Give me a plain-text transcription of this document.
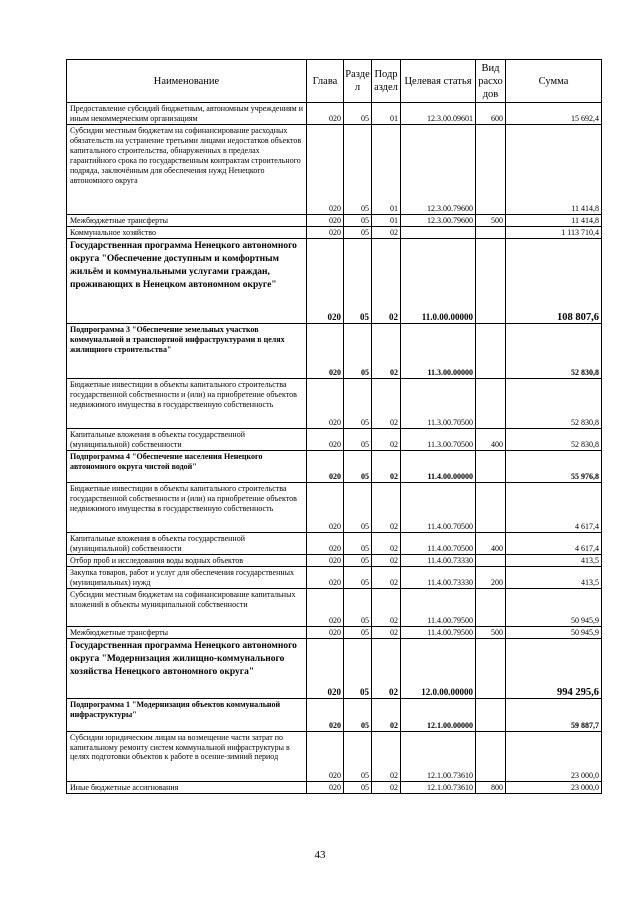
Наименование	Глава	Разде л	Подр аздел	Целевая статья	Вид расхо дов	Сумма
Предоставление субсидий бюджетным, автономным учреждениям и иным некоммерческим организациям	020	05	01	12.3.00.09601	600	15 692,4
Субсидии местным бюджетам на софинансирование расходных обязательств на устранение третьими лицами недостатков объектов капитального строительства, обнаруженных в пределах гарантийного срока по государственным контрактам строительного подряда, заключённым для обеспечения нужд Ненецкого автономного округа	020	05	01	12.3.00.79600		11 414,8
Межбюджетные трансферты	020	05	01	12.3.00.79600	500	11 414,8
Коммунальное хозяйство	020	05	02			1 113 710,4
Государственная программа Ненецкого автономного округа "Обеспечение доступным и комфортным жильём и коммунальными услугами граждан, проживающих в Ненецком автономном округе"	020	05	02	11.0.00.00000		108 807,6
Подпрограмма 3 "Обеспечение земельных участков коммунальной и транспортной инфраструктурами в целях жилищного строительства"	020	05	02	11.3.00.00000		52 830,8
Бюджетные инвестиции в объекты капитального строительства государственной собственности и (или) на приобретение объектов недвижимого имущества в государственную собственность	020	05	02	11.3.00.70500		52 830,8
Капитальные вложения в объекты государственной (муниципальной) собственности	020	05	02	11.3.00.70500	400	52 830,8
Подпрограмма 4 "Обеспечение населения Ненецкого автономного округа чистой водой"	020	05	02	11.4.00.00000		55 976,8
Бюджетные инвестиции в объекты капитального строительства государственной собственности и (или) на приобретение объектов недвижимого имущества в государственную собственность	020	05	02	11.4.00.70500		4 617,4
Капитальные вложения в объекты государственной (муниципальной) собственности	020	05	02	11.4.00.70500	400	4 617,4
Отбор проб и исследования воды водных объектов	020	05	02	11.4.00.73330		413,5
Закупка товаров, работ и услуг для обеспечения государственных (муниципальных) нужд	020	05	02	11.4.00.73330	200	413,5
Субсидии местным бюджетам на софинансирование капитальных вложений в объекты муниципальной собственности	020	05	02	11.4.00.79500		50 945,9
Межбюджетные трансферты	020	05	02	11.4.00.79500	500	50 945,9
Государственная программа Ненецкого автономного округа "Модернизация жилищно-коммунального хозяйства Ненецкого автономного округа"	020	05	02	12.0.00.00000		994 295,6
Подпрограмма 1 "Модернизация объектов коммунальной инфраструктуры"	020	05	02	12.1.00.00000		59 887,7
Субсидии юридическим лицам на возмещение части затрат по капитальному ремонту систем коммунальной инфраструктуры в целях подготовки объектов к работе в осенне-зимний период	020	05	02	12.1.00.73610		23 000,0
Иные бюджетные ассигнования	020	05	02	12.1.00.73610	800	23 000,0
43
